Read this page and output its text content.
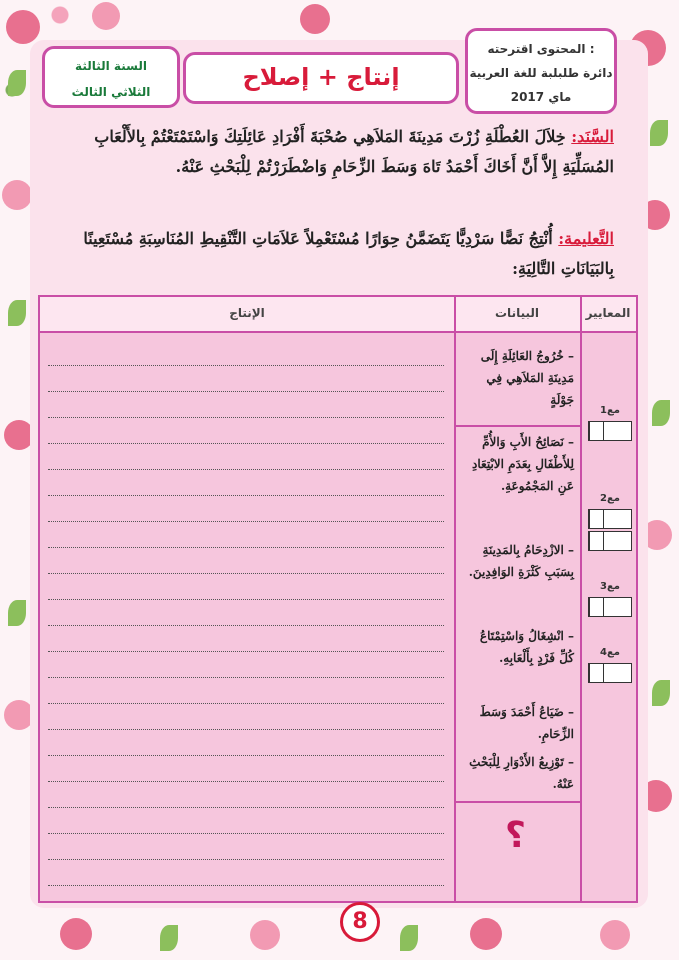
المحتوى اقترحته :
دائرة طلبلبة للغة العربية
ماي 2017
إنتاج + إصلاح
السنة الثالثة
الثلاثي الثالث
السَّنَد: خِلاَلَ العُطْلَةِ زُرْتَ مَدِينَةَ المَلاَهِي صُحْبَةَ أَفْرَادِ عَائِلَتِكَ وَاسْتَمْتَعْتُمْ بِالأَلْعَابِ المُسَلِّيَةِ إِلاَّ أَنَّ أَخَاكَ أَحْمَدُ تَاهَ وَسَطَ الزِّحَامِ وَاضْطَرَرْتُمْ لِلْبَحْثِ عَنْهُ.
التَّعليمة: أُنْتِجُ نَصًّا سَرْدِيًّا يَتَضَمَّنُ حِوَارًا مُسْتَعْمِلاً عَلاَمَاتِ التَّنْقِيطِ المُنَاسِبَةِ مُسْتَعِينًا بِالبَيَانَاتِ التَّالِيَةِ:
المعايير
البيانات
الإنتاج
– خُرُوجُ العَائِلَةِ إِلَى مَدِينَةِ المَلاَهِي فِي جَوْلَةٍ
– نَصَائِحُ الأَبِ وَالأُمِّ لِلأَطْفَالِ بِعَدَمِ الابْتِعَادِ عَنِ المَجْمُوعَةِ.
– الازْدِحَامُ بِالمَدِينَةِ بِسَبَبِ كَثْرَةِ الوَافِدِينَ.
– انْشِغَالُ وَاسْتِمْتَاعُ كُلِّ فَرْدٍ بِأَلْعَابِهِ.
– ضَيَاعُ أَحْمَدَ وَسَطَ الزِّحَامِ.
– تَوْزِيعُ الأَدْوَارِ لِلْبَحْثِ عَنْهُ.
مع1
مع2
مع3
مع4
؟
8
